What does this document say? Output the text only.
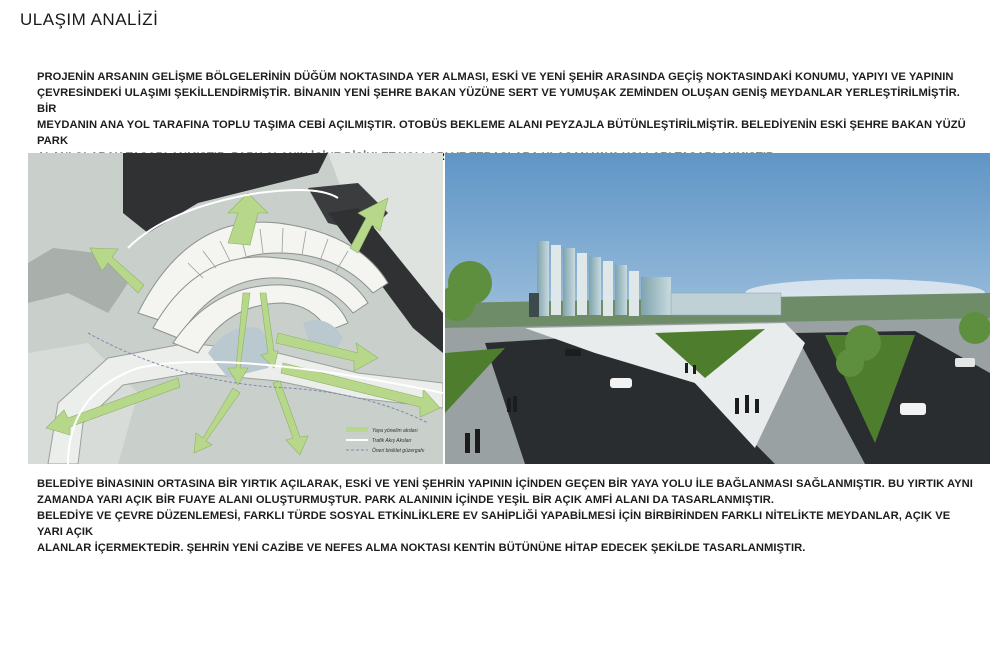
ULAŞIM ANALİZİ

PROJENİN ARSANIN GELİŞME BÖLGELERİNİN DÜĞÜM NOKTASINDA YER ALMASI, ESKİ VE YENİ ŞEHİR ARASINDA GEÇİŞ NOKTASINDAKİ KONUMU, YAPIYI VE YAPININ

ÇEVRESİNDEKİ ULAŞIMI ŞEKİLLENDİRMİŞTİR. BİNANIN YENİ ŞEHRE BAKAN YÜZÜNE SERT VE YUMUŞAK ZEMİNDEN OLUŞAN GENİŞ MEYDANLAR YERLEŞTİRİLMİŞTİR. BİR

MEYDANIN ANA YOL TARAFINA TOPLU TAŞIMA CEBİ AÇILMIŞTIR. OTOBÜS BEKLEME ALANI PEYZAJLA BÜTÜNLEŞTİRİLMİŞTİR. BELEDİYENİN ESKİ ŞEHRE BAKAN YÜZÜ PARK

Yaya yönelim aksları
Trafik Akış Aksları
Öneri bisiklet güzergahı

BELEDİYE BİNASININ ORTASINA BİR YIRTIK AÇILARAK, ESKİ VE YENİ ŞEHRİN YAPININ İÇİNDEN GEÇEN BİR YAYA YOLU İLE BAĞLANMASI SAĞLANMIŞTIR. BU YIRTIK AYNI

ZAMANDA YARI AÇIK BİR FUAYE ALANI OLUŞTURMUŞTUR. PARK ALANININ İÇİNDE YEŞİL BİR AÇIK AMFİ ALANI DA TASARLANMIŞTIR.

BELEDİYE VE ÇEVRE DÜZENLEMESİ, FARKLI TÜRDE SOSYAL ETKİNLİKLERE EV SAHİPLİĞİ YAPABİLMESİ İÇİN BİRBİRİNDEN FARKLI NİTELİKTE MEYDANLAR, AÇIK VE YARI AÇIK

ALANLAR İÇERMEKTEDİR. ŞEHRİN YENİ CAZİBE VE NEFES ALMA NOKTASI KENTİN BÜTÜNÜNE HİTAP EDECEK ŞEKİLDE TASARLANMIŞTIR.
